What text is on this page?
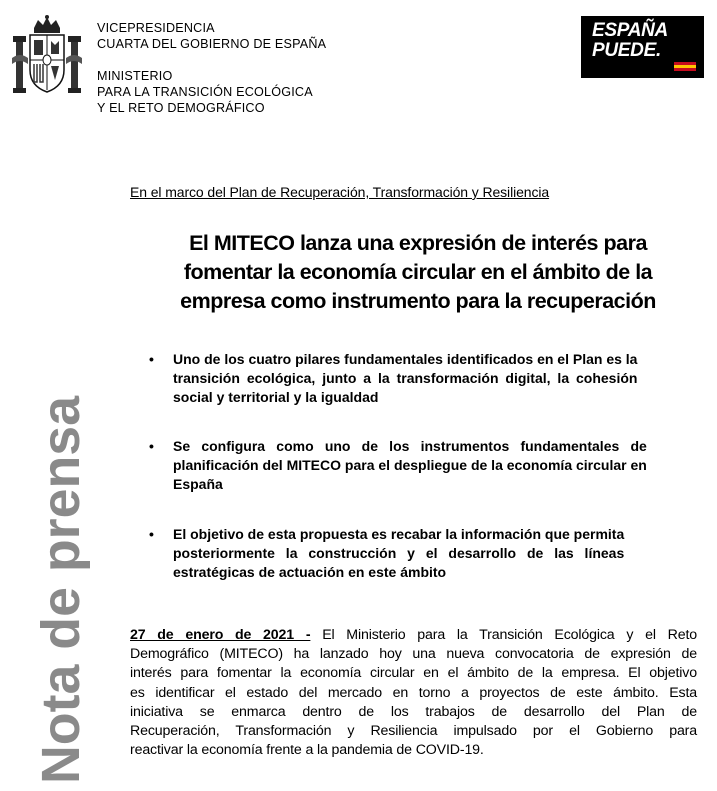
VICEPRESIDENCIA
CUARTA DEL GOBIERNO DE ESPAÑA
MINISTERIO
PARA LA TRANSICIÓN ECOLÓGICA
Y EL RETO DEMOGRÁFICO
ESPAÑA
PUEDE.
Nota de prensa
En el marco del Plan de Recuperación, Transformación y Resiliencia
El MITECO lanza una expresión de interés para
fomentar la economía circular en el ámbito de la
empresa como instrumento para la recuperación
• Uno de los cuatro pilares fundamentales identificados en el Plan es la
transición ecológica, junto a la transformación digital, la cohesión
social y territorial y la igualdad
• Se configura como uno de los instrumentos fundamentales de
planificación del MITECO para el despliegue de la economía circular en
España
• El objetivo de esta propuesta es recabar la información que permita
posteriormente la construcción y el desarrollo de las líneas
estratégicas de actuación en este ámbito
27 de enero de 2021 - El Ministerio para la Transición Ecológica y el Reto
Demográfico (MITECO) ha lanzado hoy una nueva convocatoria de expresión de
interés para fomentar la economía circular en el ámbito de la empresa. El objetivo
es identificar el estado del mercado en torno a proyectos de este ámbito. Esta
iniciativa se enmarca dentro de los trabajos de desarrollo del Plan de
Recuperación, Transformación y Resiliencia impulsado por el Gobierno para
reactivar la economía frente a la pandemia de COVID-19.
